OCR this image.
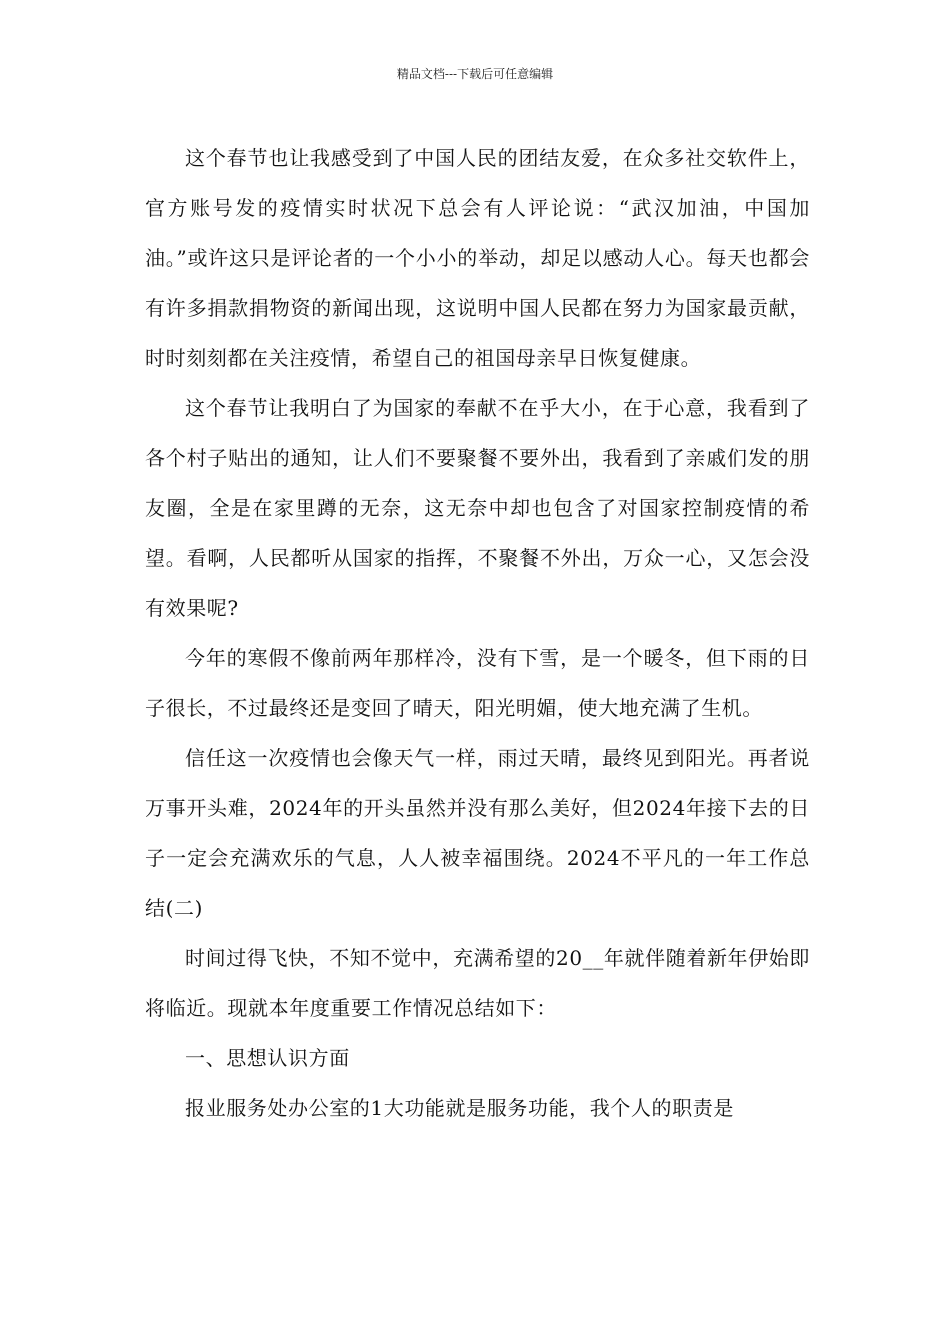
精品文档---下载后可任意编辑

这个春节也让我感受到了中国人民的团结友爱，在众多社交软件上，官方账号发的疫情实时状况下总会有人评论说：“武汉加油，中国加油。”或许这只是评论者的一个小小的举动，却足以感动人心。每天也都会有许多捐款捐物资的新闻出现，这说明中国人民都在努力为国家最贡献，时时刻刻都在关注疫情，希望自己的祖国母亲早日恢复健康。

这个春节让我明白了为国家的奉献不在乎大小，在于心意，我看到了各个村子贴出的通知，让人们不要聚餐不要外出，我看到了亲戚们发的朋友圈，全是在家里蹲的无奈，这无奈中却也包含了对国家控制疫情的希望。看啊，人民都听从国家的指挥，不聚餐不外出，万众一心，又怎会没有效果呢?

今年的寒假不像前两年那样冷，没有下雪，是一个暖冬，但下雨的日子很长，不过最终还是变回了晴天，阳光明媚，使大地充满了生机。

信任这一次疫情也会像天气一样，雨过天晴，最终见到阳光。再者说万事开头难，2024年的开头虽然并没有那么美好，但2024年接下去的日子一定会充满欢乐的气息，人人被幸福围绕。2024不平凡的一年工作总结(二)

时间过得飞快，不知不觉中，充满希望的20__年就伴随着新年伊始即将临近。现就本年度重要工作情况总结如下：

一、思想认识方面

报业服务处办公室的1大功能就是服务功能，我个人的职责是
